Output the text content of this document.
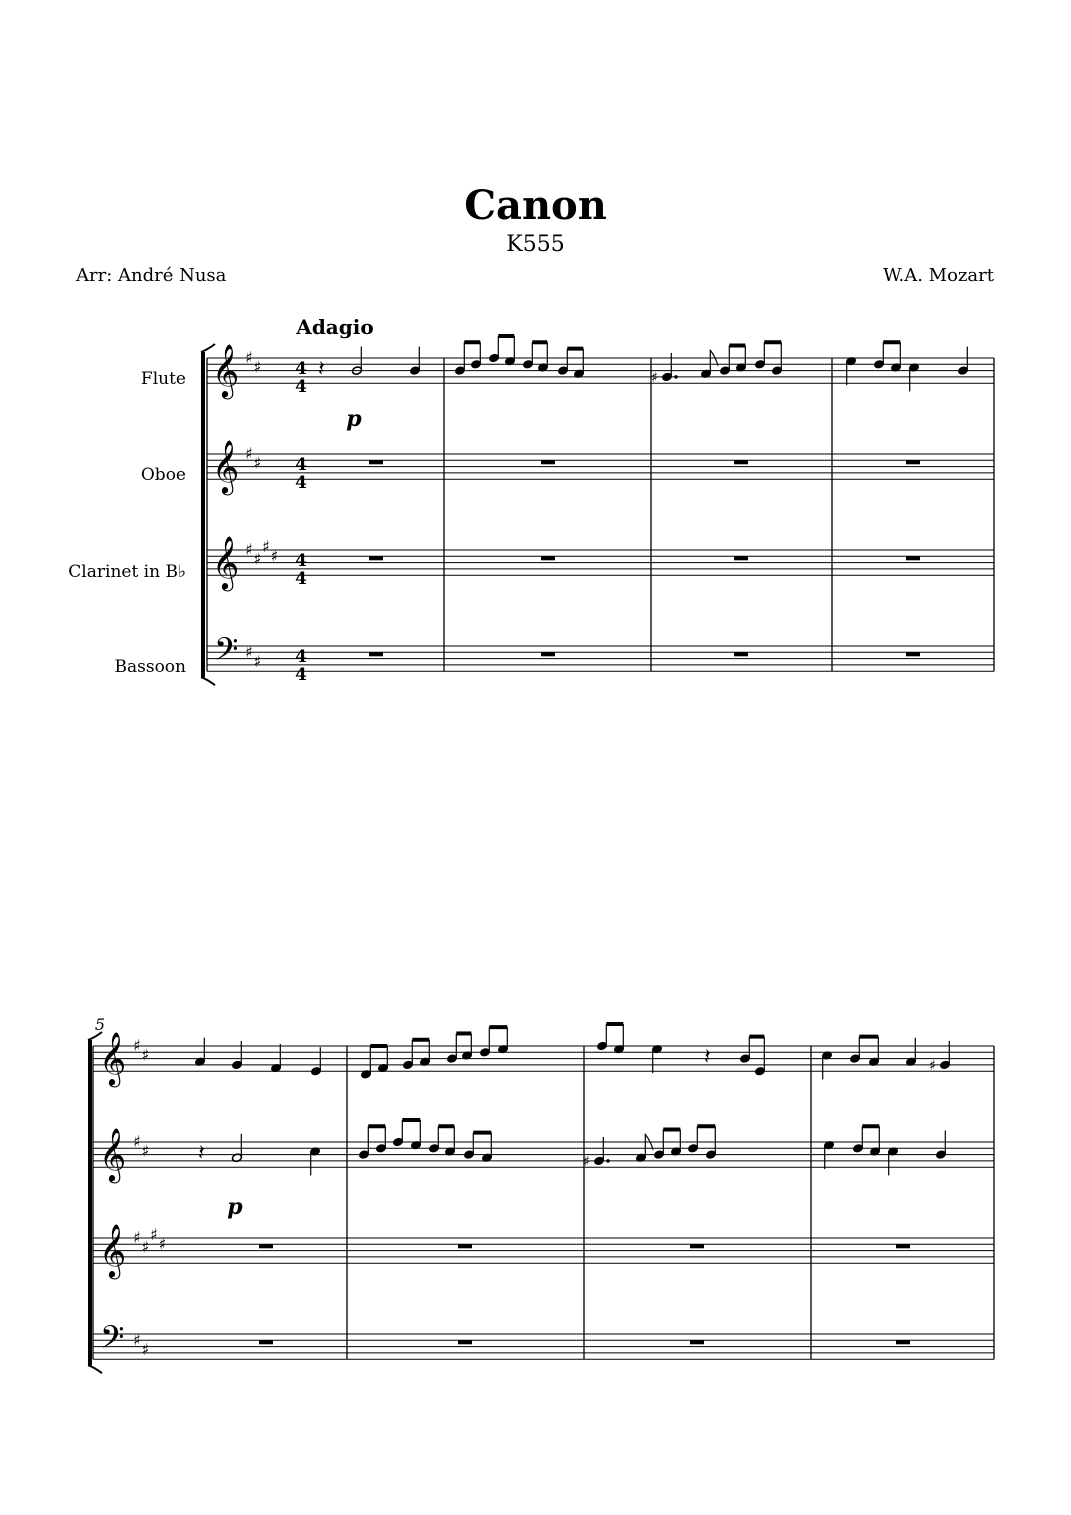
Canon
K555
Arr: André Nusa	W.A. Mozart
Adagio
Flute
Oboe
Clarinet in B♭
Bassoon
4
4
4
4
4
4
4
4
p
p
5
𝄞
𝄞
𝄞
𝄢
♯ ♯
♯ ♯
♯ ♯
♯ ♯
♯ ♯
𝄽	♯
𝄞
𝄞
𝄞
𝄢
♯ ♯
♯ ♯
♯ ♯
♯ ♯
♯ ♯
𝄽	♯
𝄽	♯
